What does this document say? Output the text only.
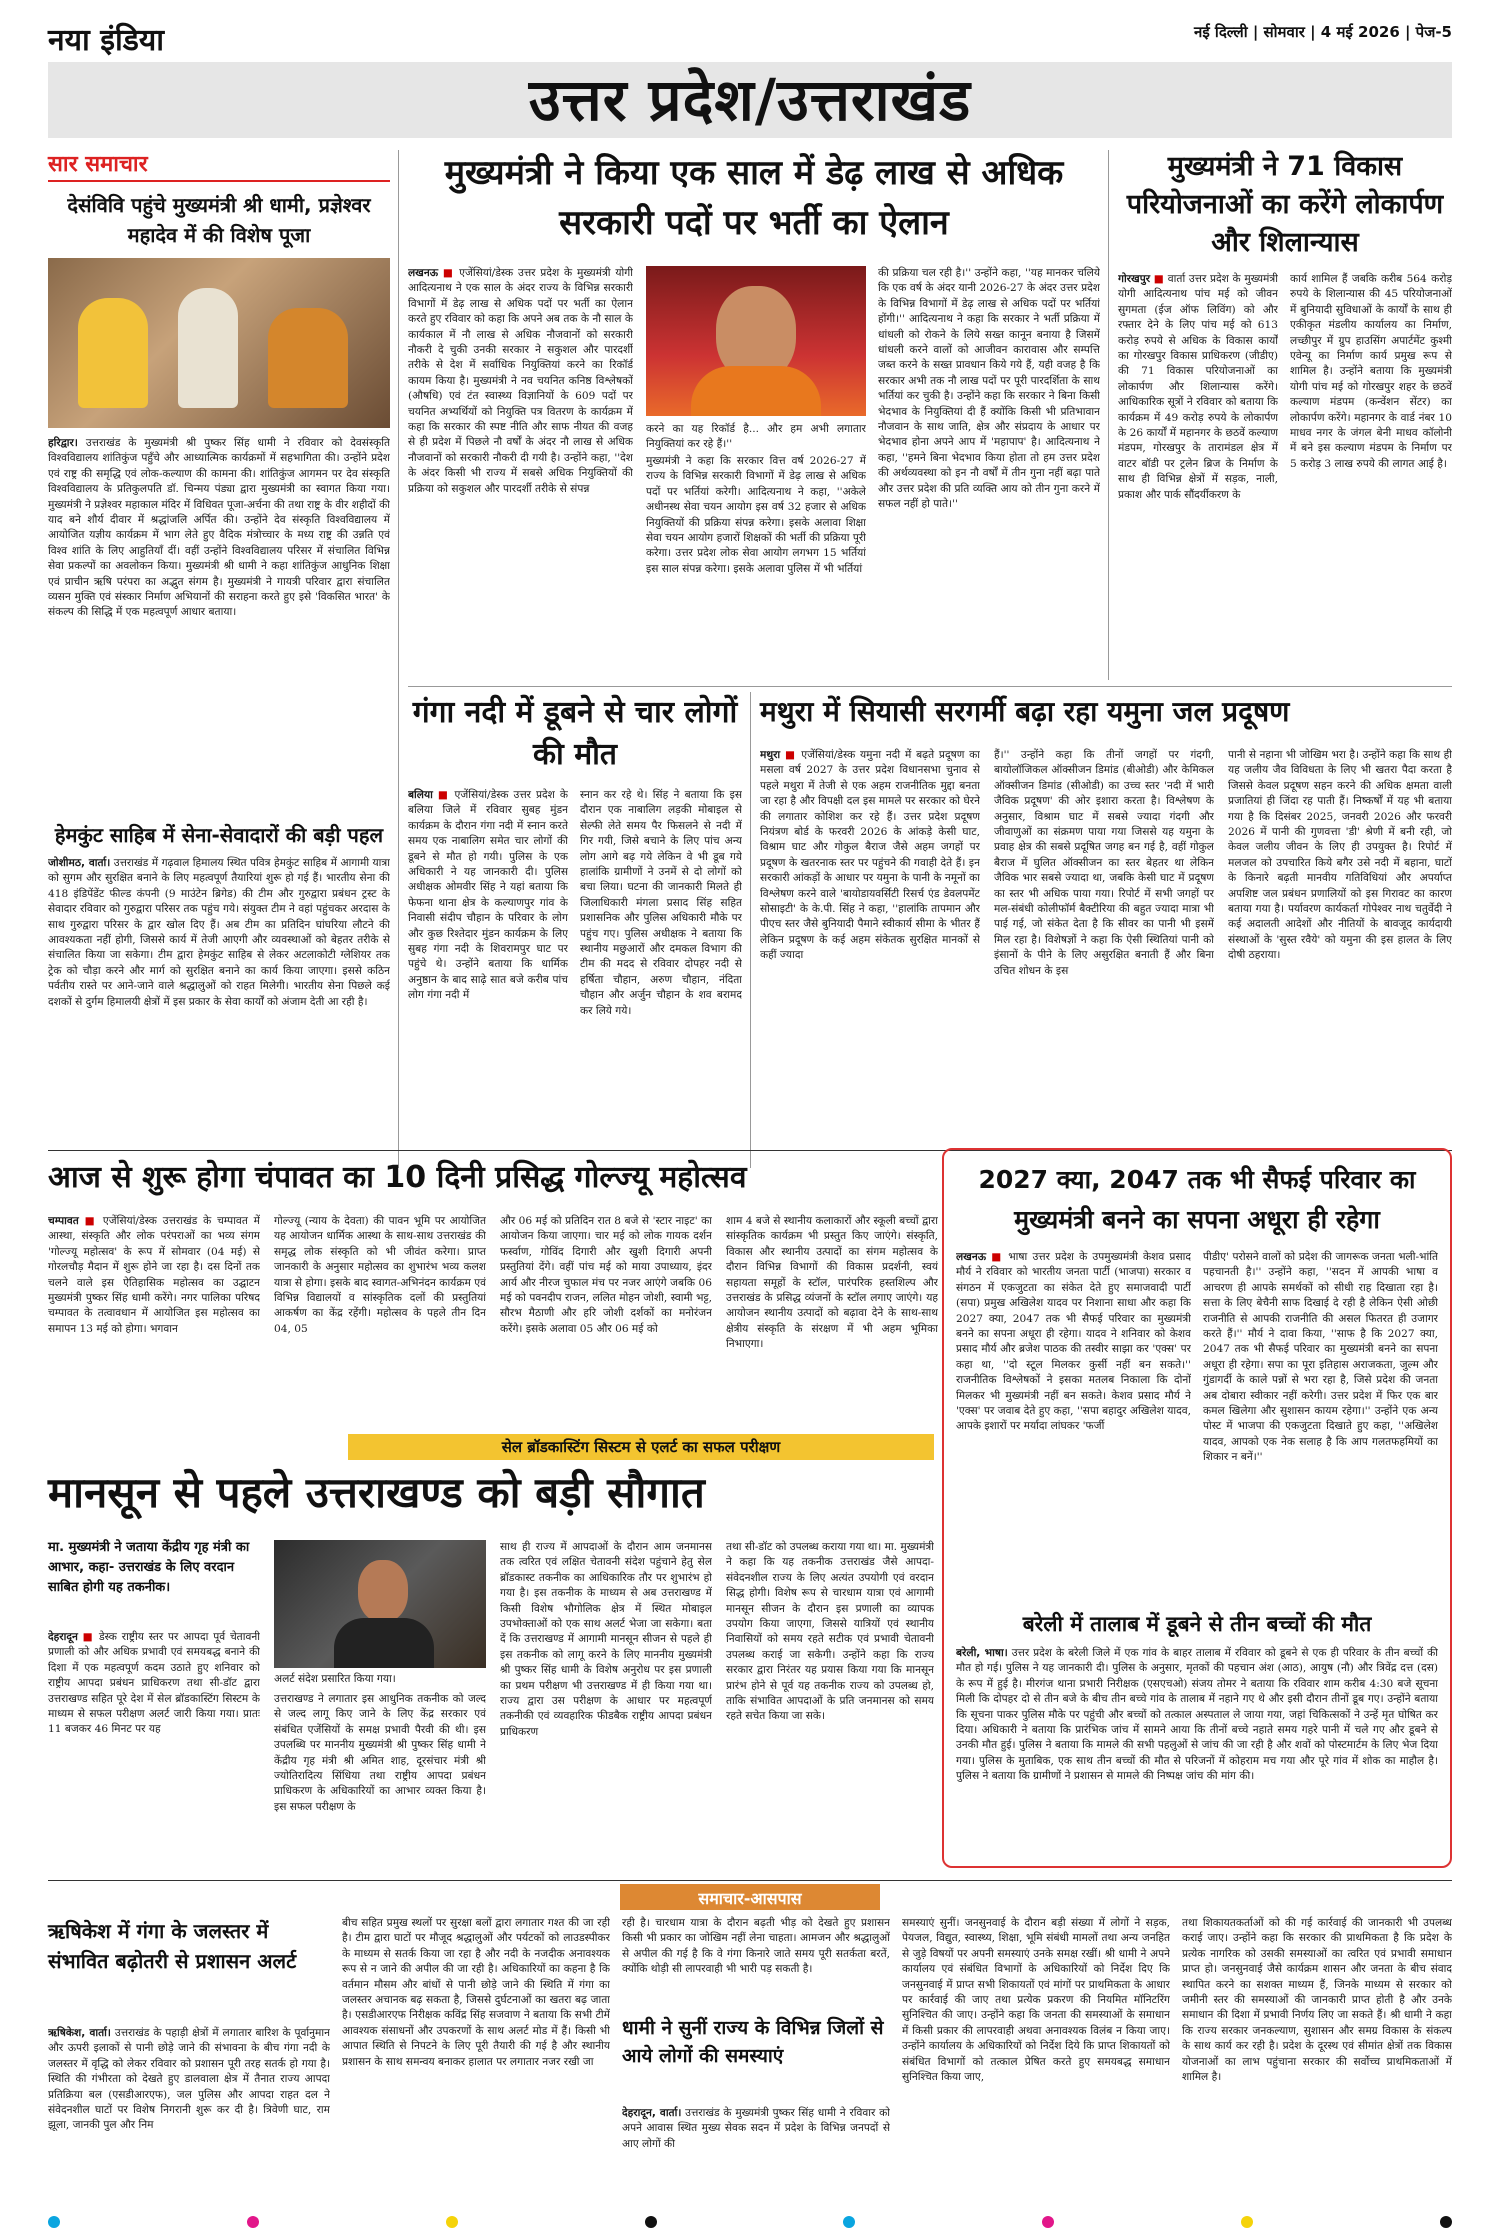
नया इंडिया	नई दिल्ली | सोमवार | 4 मई 2026 | पेज-5
उत्तर प्रदेश/उत्तराखंड
सार समाचार
देसंविवि पहुंचे मुख्यमंत्री श्री धामी, प्रज्ञेश्वर महादेव में की विशेष पूजा
हरिद्वार। उत्तराखंड के मुख्यमंत्री श्री पुष्कर सिंह धामी ने रविवार को देवसंस्कृति विश्वविद्यालय शांतिकुंज पहुँचे और आध्यात्मिक कार्यक्रमों में सहभागिता की। उन्होंने प्रदेश एवं राष्ट्र की समृद्धि एवं लोक-कल्याण की कामना की। शांतिकुंज आगमन पर देव संस्कृति विश्वविद्यालय के प्रतिकुलपति डॉ. चिन्मय पंड्या द्वारा मुख्यमंत्री का स्वागत किया गया। मुख्यमंत्री ने प्रज्ञेश्वर महाकाल मंदिर में विधिवत पूजा-अर्चना की तथा राष्ट्र के वीर शहीदों की याद बने शौर्य दीवार में श्रद्धांजलि अर्पित की। उन्होंने देव संस्कृति विश्वविद्यालय में आयोजित यज्ञीय कार्यक्रम में भाग लेते हुए वैदिक मंत्रोच्चार के मध्य राष्ट्र की उन्नति एवं विश्व शांति के लिए आहुतियाँ दीं। वहीं उन्होंने विश्वविद्यालय परिसर में संचालित विभिन्न सेवा प्रकल्पों का अवलोकन किया। मुख्यमंत्री श्री धामी ने कहा शांतिकुंज आधुनिक शिक्षा एवं प्राचीन ऋषि परंपरा का अद्भुत संगम है। मुख्यमंत्री ने गायत्री परिवार द्वारा संचालित व्यसन मुक्ति एवं संस्कार निर्माण अभियानों की सराहना करते हुए इसे 'विकसित भारत' के संकल्प की सिद्धि में एक महत्वपूर्ण आधार बताया।
हेमकुंट साहिब में सेना-सेवादारों की बड़ी पहल
जोशीमठ, वार्ता। उत्तराखंड में गढ़वाल हिमालय स्थित पवित्र हेमकुंट साहिब में आगामी यात्रा को सुगम और सुरक्षित बनाने के लिए महत्वपूर्ण तैयारियां शुरू हो गई हैं। भारतीय सेना की 418 इंडिपेंडेंट फील्ड कंपनी (9 माउंटेन ब्रिगेड) की टीम और गुरुद्वारा प्रबंधन ट्रस्ट के सेवादार रविवार को गुरुद्वारा परिसर तक पहुंच गये। संयुक्त टीम ने वहां पहुंचकर अरदास के साथ गुरुद्वारा परिसर के द्वार खोल दिए हैं। अब टीम का प्रतिदिन घांघरिया लौटने की आवश्यकता नहीं होगी, जिससे कार्य में तेजी आएगी और व्यवस्थाओं को बेहतर तरीके से संचालित किया जा सकेगा। टीम द्वारा हेमकुंट साहिब से लेकर अटलाकोटी ग्लेशियर तक ट्रेक को चौड़ा करने और मार्ग को सुरक्षित बनाने का कार्य किया जाएगा। इससे कठिन पर्वतीय रास्ते पर आने-जाने वाले श्रद्धालुओं को राहत मिलेगी। भारतीय सेना पिछले कई दशकों से दुर्गम हिमालयी क्षेत्रों में इस प्रकार के सेवा कार्यों को अंजाम देती आ रही है।
मुख्यमंत्री ने किया एक साल में डेढ़ लाख से अधिक सरकारी पदों पर भर्ती का ऐलान
लखनऊ ■ एजेंसियां/डेस्क उत्तर प्रदेश के मुख्यमंत्री योगी आदित्यनाथ ने एक साल के अंदर राज्य के विभिन्न सरकारी विभागों में डेढ़ लाख से अधिक पदों पर भर्ती का ऐलान करते हुए रविवार को कहा कि अपने अब तक के नौ साल के कार्यकाल में नौ लाख से अधिक नौजवानों को सरकारी नौकरी दे चुकी उनकी सरकार ने सकुशल और पारदर्शी तरीके से देश में सर्वाधिक नियुक्तियां करने का रिकॉर्ड कायम किया है। मुख्यमंत्री ने नव चयनित कनिष्ठ विश्लेषकों (औषधि) एवं टंत स्वास्थ्य विज्ञानियों के 609 पदों पर चयनित अभ्यर्थियों को नियुक्ति पत्र वितरण के कार्यक्रम में कहा कि सरकार की स्पष्ट नीति और साफ नीयत की वजह से ही प्रदेश में पिछले नौ वर्षों के अंदर नौ लाख से अधिक नौजवानों को सरकारी नौकरी दी गयी है। उन्होंने कहा, ''देश के अंदर किसी भी राज्य में सबसे अधिक नियुक्तियों की प्रक्रिया को सकुशल और पारदर्शी तरीके से संपन्न
करने का यह रिकॉर्ड है... और हम अभी लगातार नियुक्तियां कर रहे हैं।''
मुख्यमंत्री ने कहा कि सरकार वित्त वर्ष 2026-27 में राज्य के विभिन्न सरकारी विभागों में डेढ़ लाख से अधिक पदों पर भर्तियां करेगी। आदित्यनाथ ने कहा, ''अकेले अधीनस्थ सेवा चयन आयोग इस वर्ष 32 हजार से अधिक नियुक्तियों की प्रक्रिया संपन्न करेगा। इसके अलावा शिक्षा सेवा चयन आयोग हजारों शिक्षकों की भर्ती की प्रक्रिया पूरी करेगा। उत्तर प्रदेश लोक सेवा आयोग लगभग 15 भर्तियां इस साल संपन्न करेगा। इसके अलावा पुलिस में भी भर्तियां
की प्रक्रिया चल रही है।'' उन्होंने कहा, ''यह मानकर चलिये कि एक वर्ष के अंदर यानी 2026-27 के अंदर उत्तर प्रदेश के विभिन्न विभागों में डेढ़ लाख से अधिक पदों पर भर्तियां होंगी।'' आदित्यनाथ ने कहा कि सरकार ने भर्ती प्रक्रिया में धांधली को रोकने के लिये सख्त कानून बनाया है जिसमें धांधली करने वालों को आजीवन कारावास और सम्पत्ति जब्त करने के सख्त प्रावधान किये गये हैं, यही वजह है कि सरकार अभी तक नौ लाख पदों पर पूरी पारदर्शिता के साथ भर्तियां कर चुकी है। उन्होंने कहा कि सरकार ने बिना किसी भेदभाव के नियुक्तियां दी हैं क्योंकि किसी भी प्रतिभावान नौजवान के साथ जाति, क्षेत्र और संप्रदाय के आधार पर भेदभाव होना अपने आप में 'महापाप' है। आदित्यनाथ ने कहा, ''हमने बिना भेदभाव किया होता तो हम उत्तर प्रदेश की अर्थव्यवस्था को इन नौ वर्षों में तीन गुना नहीं बढ़ा पाते और उत्तर प्रदेश की प्रति व्यक्ति आय को तीन गुना करने में सफल नहीं हो पाते।''
मुख्यमंत्री ने 71 विकास परियोजनाओं का करेंगे लोकार्पण और शिलान्यास
गोरखपुर ■ वार्ता उत्तर प्रदेश के मुख्यमंत्री योगी आदित्यनाथ पांच मई को जीवन सुगमता (ईज ऑफ लिविंग) को और रफ्तार देने के लिए पांच मई को 613 करोड़ रुपये से अधिक के विकास कार्यों का गोरखपुर विकास प्राधिकरण (जीडीए) की 71 विकास परियोजनाओं का लोकार्पण और शिलान्यास करेंगे। आधिकारिक सूत्रों ने रविवार को बताया कि कार्यक्रम में 49 करोड़ रुपये के लोकार्पण के 26 कार्यों में महानगर के छठवें कल्याण मंडपम, गोरखपुर के तारामंडल क्षेत्र में वाटर बॉडी पर ट्रलेन ब्रिज के निर्माण के साथ ही विभिन्न क्षेत्रों में सड़क, नाली, प्रकाश और पार्क सौंदर्यीकरण के
कार्य शामिल हैं जबकि करीब 564 करोड़ रुपये के शिलान्यास की 45 परियोजनाओं में बुनियादी सुविधाओं के कार्यों के साथ ही एकीकृत मंडलीय कार्यालय का निर्माण, लच्छीपुर में ग्रुप हाउसिंग अपार्टमेंट कुश्मी एवेन्यू का निर्माण कार्य प्रमुख रूप से शामिल है। उन्होंने बताया कि मुख्यमंत्री योगी पांच मई को गोरखपुर शहर के छठवें कल्याण मंडपम (कन्वेंशन सेंटर) का लोकार्पण करेंगे। महानगर के वार्ड नंबर 10 माधव नगर के जंगल बेनी माधव कॉलोनी में बने इस कल्याण मंडपम के निर्माण पर 5 करोड़ 3 लाख रुपये की लागत आई है।
गंगा नदी में डूबने से चार लोगों की मौत
बलिया ■ एजेंसियां/डेस्क उत्तर प्रदेश के बलिया जिले में रविवार सुबह मुंडन कार्यक्रम के दौरान गंगा नदी में स्नान करते समय एक नाबालिग समेत चार लोगों की डूबने से मौत हो गयी। पुलिस के एक अधिकारी ने यह जानकारी दी। पुलिस अधीक्षक ओमवीर सिंह ने यहां बताया कि फेफना थाना क्षेत्र के कल्याणपुर गांव के निवासी संदीप चौहान के परिवार के लोग और कुछ रिश्तेदार मुंडन कार्यक्रम के लिए सुबह गंगा नदी के शिवरामपुर घाट पर पहुंचे थे। उन्होंने बताया कि धार्मिक अनुष्ठान के बाद साढ़े सात बजे करीब पांच लोग गंगा नदी में
स्नान कर रहे थे। सिंह ने बताया कि इस दौरान एक नाबालिग लड़की मोबाइल से सेल्फी लेते समय पैर फिसलने से नदी में गिर गयी, जिसे बचाने के लिए पांच अन्य लोग आगे बढ़ गये लेकिन वे भी डूब गये हालांकि ग्रामीणों ने उनमें से दो लोगों को बचा लिया। घटना की जानकारी मिलते ही जिलाधिकारी मंगला प्रसाद सिंह सहित प्रशासनिक और पुलिस अधिकारी मौके पर पहुंच गए। पुलिस अधीक्षक ने बताया कि स्थानीय मछुआरों और दमकल विभाग की टीम की मदद से रविवार दोपहर नदी से हर्षिता चौहान, अरुण चौहान, नंदिता चौहान और अर्जुन चौहान के शव बरामद कर लिये गये।
मथुरा में सियासी सरगर्मी बढ़ा रहा यमुना जल प्रदूषण
मथुरा ■ एजेंसियां/डेस्क यमुना नदी में बढ़ते प्रदूषण का मसला वर्ष 2027 के उत्तर प्रदेश विधानसभा चुनाव से पहले मथुरा में तेजी से एक अहम राजनीतिक मुद्दा बनता जा रहा है और विपक्षी दल इस मामले पर सरकार को घेरने की लगातार कोशिश कर रहे हैं। उत्तर प्रदेश प्रदूषण नियंत्रण बोर्ड के फरवरी 2026 के आंकड़े केसी घाट, विश्राम घाट और गोकुल बैराज जैसे अहम जगहों पर प्रदूषण के खतरनाक स्तर पर पहुंचने की गवाही देते हैं। इन सरकारी आंकड़ों के आधार पर यमुना के पानी के नमूनों का विश्लेषण करने वाले 'बायोडायवर्सिटी रिसर्च एंड डेवलपमेंट सोसाइटी' के के.पी. सिंह ने कहा, ''हालांकि तापमान और पीएच स्तर जैसे बुनियादी पैमाने स्वीकार्य सीमा के भीतर हैं लेकिन प्रदूषण के कई अहम संकेतक सुरक्षित मानकों से कहीं ज्यादा
हैं।'' उन्होंने कहा कि तीनों जगहों पर गंदगी, बायोलॉजिकल ऑक्सीजन डिमांड (बीओडी) और केमिकल ऑक्सीजन डिमांड (सीओडी) का उच्च स्तर 'नदी में भारी जैविक प्रदूषण' की ओर इशारा करता है। विश्लेषण के अनुसार, विश्राम घाट में सबसे ज्यादा गंदगी और जीवाणुओं का संक्रमण पाया गया जिससे यह यमुना के प्रवाह क्षेत्र की सबसे प्रदूषित जगह बन गई है, वहीं गोकुल बैराज में घुलित ऑक्सीजन का स्तर बेहतर था लेकिन जैविक भार सबसे ज्यादा था, जबकि केसी घाट में प्रदूषण का स्तर भी अधिक पाया गया। रिपोर्ट में सभी जगहों पर मल-संबंधी कोलीफॉर्म बैक्टीरिया की बहुत ज्यादा मात्रा भी पाई गई, जो संकेत देता है कि सीवर का पानी भी इसमें मिल रहा है। विशेषज्ञों ने कहा कि ऐसी स्थितियां पानी को इंसानों के पीने के लिए असुरक्षित बनाती हैं और बिना उचित शोधन के इस
पानी से नहाना भी जोखिम भरा है। उन्होंने कहा कि साथ ही यह जलीय जैव विविधता के लिए भी खतरा पैदा करता है जिससे केवल प्रदूषण सहन करने की अधिक क्षमता वाली प्रजातियां ही जिंदा रह पाती हैं। निष्कर्षों में यह भी बताया गया है कि दिसंबर 2025, जनवरी 2026 और फरवरी 2026 में पानी की गुणवत्ता 'डी' श्रेणी में बनी रही, जो केवल जलीय जीवन के लिए ही उपयुक्त है। रिपोर्ट में मलजल को उपचारित किये बगैर उसे नदी में बहाना, घाटों के किनारे बढ़ती मानवीय गतिविधियां और अपर्याप्त अपशिष्ट जल प्रबंधन प्रणालियों को इस गिरावट का कारण बताया गया है। पर्यावरण कार्यकर्ता गोपेश्वर नाथ चतुर्वेदी ने कई अदालती आदेशों और नीतियों के बावजूद कार्यदायी संस्थाओं के 'सुस्त रवैये' को यमुना की इस हालत के लिए दोषी ठहराया।
आज से शुरू होगा चंपावत का 10 दिनी प्रसिद्ध गोल्ज्यू महोत्सव
चम्पावत ■ एजेंसियां/डेस्क उत्तराखंड के चम्पावत में आस्था, संस्कृति और लोक परंपराओं का भव्य संगम 'गोल्ज्यू महोत्सव' के रूप में सोमवार (04 मई) से गोरलचौड़ मैदान में शुरू होने जा रहा है। दस दिनों तक चलने वाले इस ऐतिहासिक महोत्सव का उद्घाटन मुख्यमंत्री पुष्कर सिंह धामी करेंगे। नगर पालिका परिषद चम्पावत के तत्वावधान में आयोजित इस महोत्सव का समापन 13 मई को होगा। भगवान
गोल्ज्यू (न्याय के देवता) की पावन भूमि पर आयोजित यह आयोजन धार्मिक आस्था के साथ-साथ उत्तराखंड की समृद्ध लोक संस्कृति को भी जीवंत करेगा। प्राप्त जानकारी के अनुसार महोत्सव का शुभारंभ भव्य कलश यात्रा से होगा। इसके बाद स्वागत-अभिनंदन कार्यक्रम एवं विभिन्न विद्यालयों व सांस्कृतिक दलों की प्रस्तुतियां आकर्षण का केंद्र रहेंगी। महोत्सव के पहले तीन दिन 04, 05
और 06 मई को प्रतिदिन रात 8 बजे से 'स्टार नाइट' का आयोजन किया जाएगा। चार मई को लोक गायक दर्शन फर्स्वाण, गोविंद दिगारी और खुशी दिगारी अपनी प्रस्तुतियां देंगे। वहीं पांच मई को माया उपाध्याय, इंदर आर्य और नीरज चुफाल मंच पर नजर आएंगे जबकि 06 मई को पवनदीप राजन, ललित मोहन जोशी, स्वामी भट्ट, सौरभ मैठाणी और हरि जोशी दर्शकों का मनोरंजन करेंगे। इसके अलावा 05 और 06 मई को
शाम 4 बजे से स्थानीय कलाकारों और स्कूली बच्चों द्वारा सांस्कृतिक कार्यक्रम भी प्रस्तुत किए जाएंगे। संस्कृति, विकास और स्थानीय उत्पादों का संगम महोत्सव के दौरान विभिन्न विभागों की विकास प्रदर्शनी, स्वयं सहायता समूहों के स्टॉल, पारंपरिक हस्तशिल्प और उत्तराखंड के प्रसिद्ध व्यंजनों के स्टॉल लगाए जाएंगे। यह आयोजन स्थानीय उत्पादों को बढ़ावा देने के साथ-साथ क्षेत्रीय संस्कृति के संरक्षण में भी अहम भूमिका निभाएगा।
2027 क्या, 2047 तक भी सैफई परिवार का मुख्यमंत्री बनने का सपना अधूरा ही रहेगा
लखनऊ ■ भाषा उत्तर प्रदेश के उपमुख्यमंत्री केशव प्रसाद मौर्य ने रविवार को भारतीय जनता पार्टी (भाजपा) सरकार व संगठन में एकजुटता का संकेत देते हुए समाजवादी पार्टी (सपा) प्रमुख अखिलेश यादव पर निशाना साधा और कहा कि 2027 क्या, 2047 तक भी सैफई परिवार का मुख्यमंत्री बनने का सपना अधूरा ही रहेगा। यादव ने शनिवार को केशव प्रसाद मौर्य और ब्रजेश पाठक की तस्वीर साझा कर 'एक्स' पर कहा था, ''दो स्टूल मिलकर कुर्सी नहीं बन सकते।'' राजनीतिक विश्लेषकों ने इसका मतलब निकाला कि दोनों मिलकर भी मुख्यमंत्री नहीं बन सकते। केशव प्रसाद मौर्य ने 'एक्स' पर जवाब देते हुए कहा, ''सपा बहादुर अखिलेश यादव, आपके इशारों पर मर्यादा लांघकर 'फर्जी
पीडीए' परोसने वालों को प्रदेश की जागरूक जनता भली-भांति पहचानती है।'' उन्होंने कहा, ''सदन में आपकी भाषा व आचरण ही आपके समर्थकों को सीधी राह दिखाता रहा है। सत्ता के लिए बेचैनी साफ दिखाई दे रही है लेकिन ऐसी ओछी राजनीति से आपकी राजनीति की असल फितरत ही उजागर करते हैं।'' मौर्य ने दावा किया, ''साफ है कि 2027 क्या, 2047 तक भी सैफई परिवार का मुख्यमंत्री बनने का सपना अधूरा ही रहेगा। सपा का पूरा इतिहास अराजकता, जुल्म और गुंडागर्दी के काले पन्नों से भरा रहा है, जिसे प्रदेश की जनता अब दोबारा स्वीकार नहीं करेगी। उत्तर प्रदेश में फिर एक बार कमल खिलेगा और सुशासन कायम रहेगा।'' उन्होंने एक अन्य पोस्ट में भाजपा की एकजुटता दिखाते हुए कहा, ''अखिलेश यादव, आपको एक नेक सलाह है कि आप गलतफहमियों का शिकार न बनें।''
बरेली में तालाब में डूबने से तीन बच्चों की मौत
बरेली, भाषा। उत्तर प्रदेश के बरेली जिले में एक गांव के बाहर तालाब में रविवार को डूबने से एक ही परिवार के तीन बच्चों की मौत हो गई। पुलिस ने यह जानकारी दी। पुलिस के अनुसार, मृतकों की पहचान अंश (आठ), आयुष (नौ) और त्रिवेंद्र दत्त (दस) के रूप में हुई है। मीरगंज थाना प्रभारी निरीक्षक (एसएचओ) संजय तोमर ने बताया कि रविवार शाम करीब 4:30 बजे सूचना मिली कि दोपहर दो से तीन बजे के बीच तीन बच्चे गांव के तालाब में नहाने गए थे और इसी दौरान तीनों डूब गए। उन्होंने बताया कि सूचना पाकर पुलिस मौके पर पहुंची और बच्चों को तत्काल अस्पताल ले जाया गया, जहां चिकित्सकों ने उन्हें मृत घोषित कर दिया। अधिकारी ने बताया कि प्रारंभिक जांच में सामने आया कि तीनों बच्चे नहाते समय गहरे पानी में चले गए और डूबने से उनकी मौत हुई। पुलिस ने बताया कि मामले की सभी पहलुओं से जांच की जा रही है और शवों को पोस्टमार्टम के लिए भेज दिया गया। पुलिस के मुताबिक, एक साथ तीन बच्चों की मौत से परिजनों में कोहराम मच गया और पूरे गांव में शोक का माहौल है। पुलिस ने बताया कि ग्रामीणों ने प्रशासन से मामले की निष्पक्ष जांच की मांग की।
सेल ब्रॉडकास्टिंग सिस्टम से एलर्ट का सफल परीक्षण
मानसून से पहले उत्तराखण्ड को बड़ी सौगात
मा. मुख्यमंत्री ने जताया केंद्रीय गृह मंत्री का आभार, कहा- उत्तराखंड के लिए वरदान साबित होगी यह तकनीक।
देहरादून ■ डेस्क राष्ट्रीय स्तर पर आपदा पूर्व चेतावनी प्रणाली को और अधिक प्रभावी एवं समयबद्ध बनाने की दिशा में एक महत्वपूर्ण कदम उठाते हुए शनिवार को राष्ट्रीय आपदा प्रबंधन प्राधिकरण तथा सी-डॉट द्वारा उत्तराखण्ड सहित पूरे देश में सेल ब्रॉडकास्टिंग सिस्टम के माध्यम से सफल परीक्षण अलर्ट जारी किया गया। प्रातः 11 बजकर 46 मिनट पर यह
अलर्ट संदेश प्रसारित किया गया।
उत्तराखण्ड ने लगातार इस आधुनिक तकनीक को जल्द से जल्द लागू किए जाने के लिए केंद्र सरकार एवं संबंधित एजेंसियों के समक्ष प्रभावी पैरवी की थी। इस उपलब्धि पर माननीय मुख्यमंत्री श्री पुष्कर सिंह धामी ने केंद्रीय गृह मंत्री श्री अमित शाह, दूरसंचार मंत्री श्री ज्योतिरादित्य सिंधिया तथा राष्ट्रीय आपदा प्रबंधन प्राधिकरण के अधिकारियों का आभार व्यक्त किया है। इस सफल परीक्षण के
साथ ही राज्य में आपदाओं के दौरान आम जनमानस तक त्वरित एवं लक्षित चेतावनी संदेश पहुंचाने हेतु सेल ब्रॉडकास्ट तकनीक का आधिकारिक तौर पर शुभारंभ हो गया है। इस तकनीक के माध्यम से अब उत्तराखण्ड में किसी विशेष भौगोलिक क्षेत्र में स्थित मोबाइल उपभोक्ताओं को एक साथ अलर्ट भेजा जा सकेगा। बता दें कि उत्तराखण्ड में आगामी मानसून सीजन से पहले ही इस तकनीक को लागू करने के लिए माननीय मुख्यमंत्री श्री पुष्कर सिंह धामी के विशेष अनुरोध पर इस प्रणाली का प्रथम परीक्षण भी उत्तराखण्ड में ही किया गया था। राज्य द्वारा उस परीक्षण के आधार पर महत्वपूर्ण तकनीकी एवं व्यवहारिक फीडबैक राष्ट्रीय आपदा प्रबंधन प्राधिकरण
तथा सी-डॉट को उपलब्ध कराया गया था। मा. मुख्यमंत्री ने कहा कि यह तकनीक उत्तराखंड जैसे आपदा-संवेदनशील राज्य के लिए अत्यंत उपयोगी एवं वरदान सिद्ध होगी। विशेष रूप से चारधाम यात्रा एवं आगामी मानसून सीजन के दौरान इस प्रणाली का व्यापक उपयोग किया जाएगा, जिससे यात्रियों एवं स्थानीय निवासियों को समय रहते सटीक एवं प्रभावी चेतावनी उपलब्ध कराई जा सकेगी। उन्होंने कहा कि राज्य सरकार द्वारा निरंतर यह प्रयास किया गया कि मानसून प्रारंभ होने से पूर्व यह तकनीक राज्य को उपलब्ध हो, ताकि संभावित आपदाओं के प्रति जनमानस को समय रहते सचेत किया जा सके।
समाचार-आसपास
ऋषिकेश में गंगा के जलस्तर में संभावित बढ़ोतरी से प्रशासन अलर्ट
ऋषिकेश, वार्ता। उत्तराखंड के पहाड़ी क्षेत्रों में लगातार बारिश के पूर्वानुमान और ऊपरी इलाकों से पानी छोड़े जाने की संभावना के बीच गंगा नदी के जलस्तर में वृद्धि को लेकर रविवार को प्रशासन पूरी तरह सतर्क हो गया है। स्थिति की गंभीरता को देखते हुए डालवाला क्षेत्र में तैनात राज्य आपदा प्रतिक्रिया बल (एसडीआरएफ), जल पुलिस और आपदा राहत दल ने संवेदनशील घाटों पर विशेष निगरानी शुरू कर दी है। त्रिवेणी घाट, राम झूला, जानकी पुल और निम
बीच सहित प्रमुख स्थलों पर सुरक्षा बलों द्वारा लगातार गश्त की जा रही है। टीम द्वारा घाटों पर मौजूद श्रद्धालुओं और पर्यटकों को लाउडस्पीकर के माध्यम से सतर्क किया जा रहा है और नदी के नजदीक अनावश्यक रूप से न जाने की अपील की जा रही है। अधिकारियों का कहना है कि वर्तमान मौसम और बांधों से पानी छोड़े जाने की स्थिति में गंगा का जलस्तर अचानक बढ़ सकता है, जिससे दुर्घटनाओं का खतरा बढ़ जाता है। एसडीआरएफ निरीक्षक कविंद्र सिंह सजवाण ने बताया कि सभी टीमें आवश्यक संसाधनों और उपकरणों के साथ अलर्ट मोड में हैं। किसी भी आपात स्थिति से निपटने के लिए पूरी तैयारी की गई है और स्थानीय प्रशासन के साथ समन्वय बनाकर हालात पर लगातार नजर रखी जा
रही है। चारधाम यात्रा के दौरान बढ़ती भीड़ को देखते हुए प्रशासन किसी भी प्रकार का जोखिम नहीं लेना चाहता। आमजन और श्रद्धालुओं से अपील की गई है कि वे गंगा किनारे जाते समय पूरी सतर्कता बरतें, क्योंकि थोड़ी सी लापरवाही भी भारी पड़ सकती है।
धामी ने सुनीं राज्य के विभिन्न जिलों से आये लोगों की समस्याएं
देहरादून, वार्ता। उत्तराखंड के मुख्यमंत्री पुष्कर सिंह धामी ने रविवार को अपने आवास स्थित मुख्य सेवक सदन में प्रदेश के विभिन्न जनपदों से आए लोगों की
समस्याएं सुनीं। जनसुनवाई के दौरान बड़ी संख्या में लोगों ने सड़क, पेयजल, विद्युत, स्वास्थ्य, शिक्षा, भूमि संबंधी मामलों तथा अन्य जनहित से जुड़े विषयों पर अपनी समस्याएं उनके समक्ष रखीं। श्री धामी ने अपने कार्यालय एवं संबंधित विभागों के अधिकारियों को निर्देश दिए कि जनसुनवाई में प्राप्त सभी शिकायतों एवं मांगों पर प्राथमिकता के आधार पर कार्रवाई की जाए तथा प्रत्येक प्रकरण की नियमित मॉनिटरिंग सुनिश्चित की जाए। उन्होंने कहा कि जनता की समस्याओं के समाधान में किसी प्रकार की लापरवाही अथवा अनावश्यक विलंब न किया जाए। उन्होंने कार्यालय के अधिकारियों को निर्देश दिये कि प्राप्त शिकायतों को संबंधित विभागों को तत्काल प्रेषित करते हुए समयबद्ध समाधान सुनिश्चित किया जाए,
तथा शिकायतकर्ताओं को की गई कार्रवाई की जानकारी भी उपलब्ध कराई जाए। उन्होंने कहा कि सरकार की प्राथमिकता है कि प्रदेश के प्रत्येक नागरिक को उसकी समस्याओं का त्वरित एवं प्रभावी समाधान प्राप्त हो। जनसुनवाई जैसे कार्यक्रम शासन और जनता के बीच संवाद स्थापित करने का सशक्त माध्यम हैं, जिनके माध्यम से सरकार को जमीनी स्तर की समस्याओं की जानकारी प्राप्त होती है और उनके समाधान की दिशा में प्रभावी निर्णय लिए जा सकते हैं। श्री धामी ने कहा कि राज्य सरकार जनकल्याण, सुशासन और समग्र विकास के संकल्प के साथ कार्य कर रही है। प्रदेश के दूरस्थ एवं सीमांत क्षेत्रों तक विकास योजनाओं का लाभ पहुंचाना सरकार की सर्वोच्च प्राथमिकताओं में शामिल है।
